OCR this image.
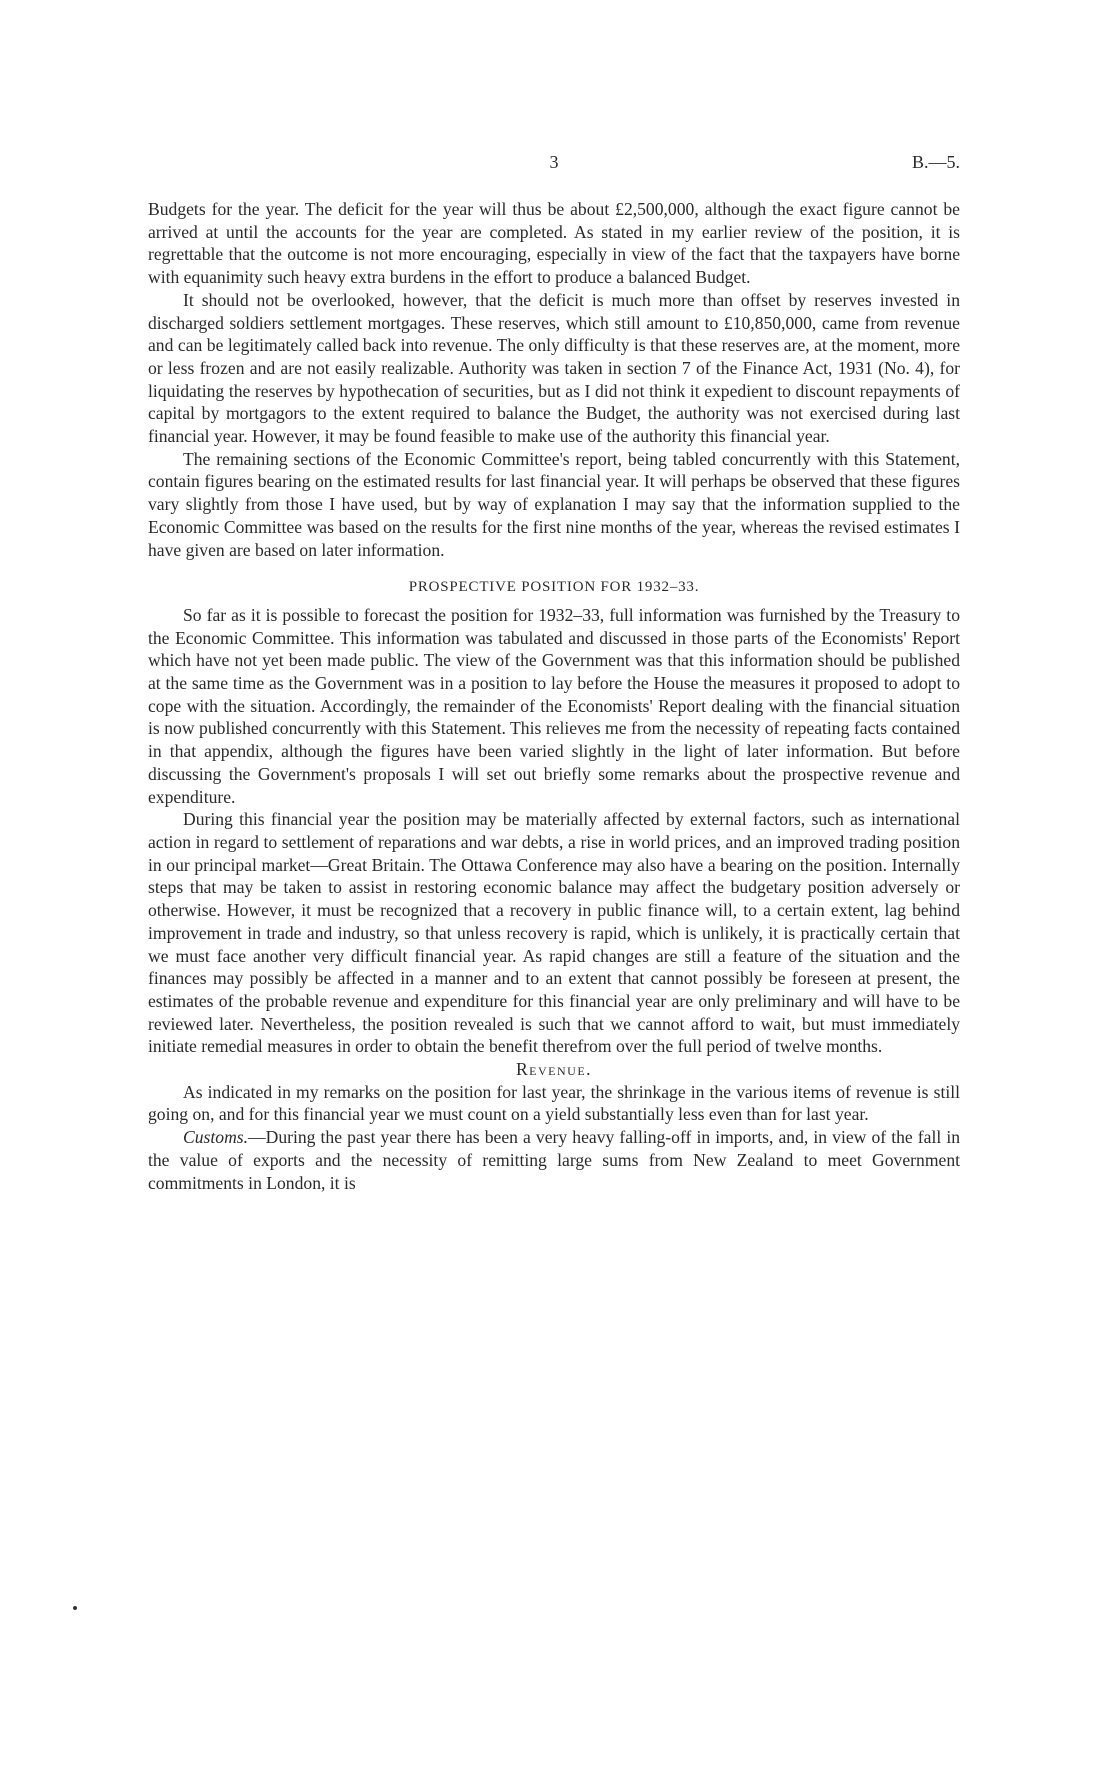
3	B.—5.

Budgets for the year. The deficit for the year will thus be about £2,500,000, although the exact figure cannot be arrived at until the accounts for the year are completed. As stated in my earlier review of the position, it is regrettable that the outcome is not more encouraging, especially in view of the fact that the taxpayers have borne with equanimity such heavy extra burdens in the effort to produce a balanced Budget.

It should not be overlooked, however, that the deficit is much more than offset by reserves invested in discharged soldiers settlement mortgages. These reserves, which still amount to £10,850,000, came from revenue and can be legitimately called back into revenue. The only difficulty is that these reserves are, at the moment, more or less frozen and are not easily realizable. Authority was taken in section 7 of the Finance Act, 1931 (No. 4), for liquidating the reserves by hypothecation of securities, but as I did not think it expedient to discount repayments of capital by mortgagors to the extent required to balance the Budget, the authority was not exercised during last financial year. However, it may be found feasible to make use of the authority this financial year.

The remaining sections of the Economic Committee's report, being tabled concurrently with this Statement, contain figures bearing on the estimated results for last financial year. It will perhaps be observed that these figures vary slightly from those I have used, but by way of explanation I may say that the information supplied to the Economic Committee was based on the results for the first nine months of the year, whereas the revised estimates I have given are based on later information.

PROSPECTIVE POSITION FOR 1932–33.

So far as it is possible to forecast the position for 1932–33, full information was furnished by the Treasury to the Economic Committee. This information was tabulated and discussed in those parts of the Economists' Report which have not yet been made public. The view of the Government was that this information should be published at the same time as the Government was in a position to lay before the House the measures it proposed to adopt to cope with the situation. Accordingly, the remainder of the Economists' Report dealing with the financial situation is now published concurrently with this Statement. This relieves me from the necessity of repeating facts contained in that appendix, although the figures have been varied slightly in the light of later information. But before discussing the Government's proposals I will set out briefly some remarks about the prospective revenue and expenditure.

During this financial year the position may be materially affected by external factors, such as international action in regard to settlement of reparations and war debts, a rise in world prices, and an improved trading position in our principal market—Great Britain. The Ottawa Conference may also have a bearing on the position. Internally steps that may be taken to assist in restoring economic balance may affect the budgetary position adversely or otherwise. However, it must be recognized that a recovery in public finance will, to a certain extent, lag behind improvement in trade and industry, so that unless recovery is rapid, which is unlikely, it is practically certain that we must face another very difficult financial year. As rapid changes are still a feature of the situation and the finances may possibly be affected in a manner and to an extent that cannot possibly be foreseen at present, the estimates of the probable revenue and expenditure for this financial year are only preliminary and will have to be reviewed later. Nevertheless, the position revealed is such that we cannot afford to wait, but must immediately initiate remedial measures in order to obtain the benefit therefrom over the full period of twelve months.

Revenue.

As indicated in my remarks on the position for last year, the shrinkage in the various items of revenue is still going on, and for this financial year we must count on a yield substantially less even than for last year.

Customs.—During the past year there has been a very heavy falling-off in imports, and, in view of the fall in the value of exports and the necessity of remitting large sums from New Zealand to meet Government commitments in London, it is
